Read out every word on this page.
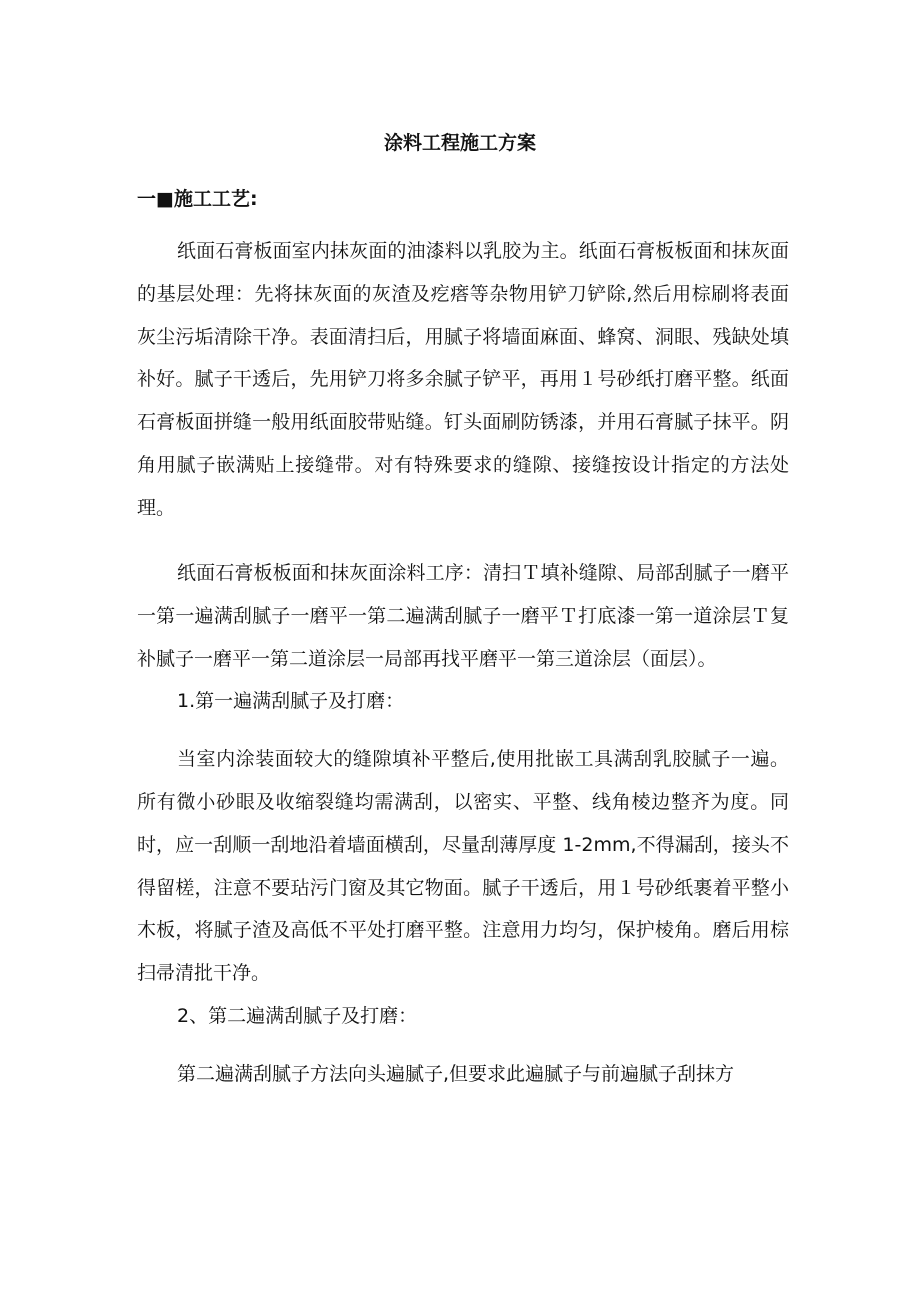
涂料工程施工方案
一■施工工艺:

纸面石膏板面室内抹灰面的油漆料以乳胶为主。纸面石膏板板面和抹灰面的基层处理：先将抹灰面的灰渣及疙瘩等杂物用铲刀铲除,然后用棕刷将表面灰尘污垢清除干净。表面清扫后，用腻子将墙面麻面、蜂窝、洞眼、残缺处填补好。腻子干透后，先用铲刀将多余腻子铲平，再用１号砂纸打磨平整。纸面石膏板面拼缝一般用纸面胶带贴缝。钉头面刷防锈漆，并用石膏腻子抹平。阴角用腻子嵌满贴上接缝带。对有特殊要求的缝隙、接缝按设计指定的方法处理。

纸面石膏板板面和抹灰面涂料工序：清扫Ｔ填补缝隙、局部刮腻子一磨平一第一遍满刮腻子一磨平一第二遍满刮腻子一磨平Ｔ打底漆一第一道涂层Ｔ复补腻子一磨平一第二道涂层一局部再找平磨平一第三道涂层（面层）。

1.第一遍满刮腻子及打磨：

当室内涂装面较大的缝隙填补平整后,使用批嵌工具满刮乳胶腻子一遍。所有微小砂眼及收缩裂缝均需满刮，以密实、平整、线角棱边整齐为度。同时，应一刮顺一刮地沿着墙面横刮，尽量刮薄厚度 1-2mm,不得漏刮，接头不得留槎，注意不要玷污门窗及其它物面。腻子干透后，用１号砂纸裹着平整小木板，将腻子渣及高低不平处打磨平整。注意用力均匀，保护棱角。磨后用棕扫帚清批干净。

2、第二遍满刮腻子及打磨：

第二遍满刮腻子方法向头遍腻子,但要求此遍腻子与前遍腻子刮抹方
